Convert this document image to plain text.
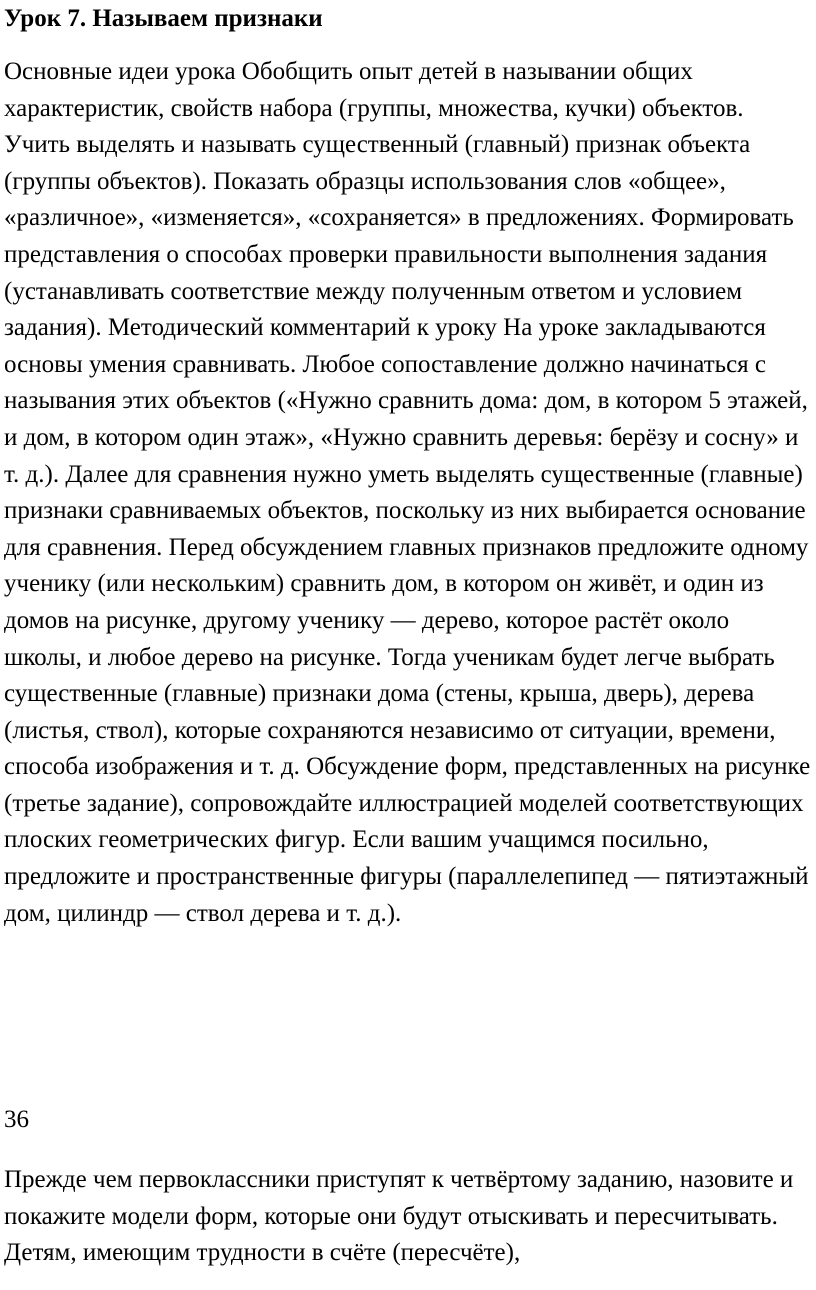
Урок 7. Называем признаки

Основные идеи урока Обобщить опыт детей в назывании общих характеристик, свойств набора (группы, множества, кучки) объектов. Учить выделять и называть существенный (главный) признак объекта (группы объектов). Показать образцы использования слов «общее», «различное», «изменяется», «сохраняется» в предложениях. Формировать представления о способах проверки правильности выполнения задания (устанавливать соответствие между полученным ответом и условием задания). Методический комментарий к уроку На уроке закладываются основы умения сравнивать. Любое сопоставление должно начинаться с называния этих объектов («Нужно сравнить дома: дом, в котором 5 этажей, и дом, в котором один этаж», «Нужно сравнить деревья: берёзу и сосну» и т. д.). Далее для сравнения нужно уметь выделять существенные (главные) признаки сравниваемых объектов, поскольку из них выбирается основание для сравнения. Перед обсуждением главных признаков предложите одному ученику (или нескольким) сравнить дом, в котором он живёт, и один из домов на рисунке, другому ученику — дерево, которое растёт около школы, и любое дерево на рисунке. Тогда ученикам будет легче выбрать существенные (главные) признаки дома (стены, крыша, дверь), дерева (листья, ствол), которые сохраняются независимо от ситуации, времени, способа изображения и т. д. Обсуждение форм, представленных на рисунке (третье задание), сопровождайте иллюстрацией моделей соответствующих плоских геометрических фигур. Если вашим учащимся посильно, предложите и пространственные фигуры (параллелепипед — пятиэтажный дом, цилиндр — ствол дерева и т. д.).

36

Прежде чем первоклассники приступят к четвёртому заданию, назовите и покажите модели форм, которые они будут отыскивать и пересчитывать. Детям, имеющим трудности в счёте (пересчёте),
